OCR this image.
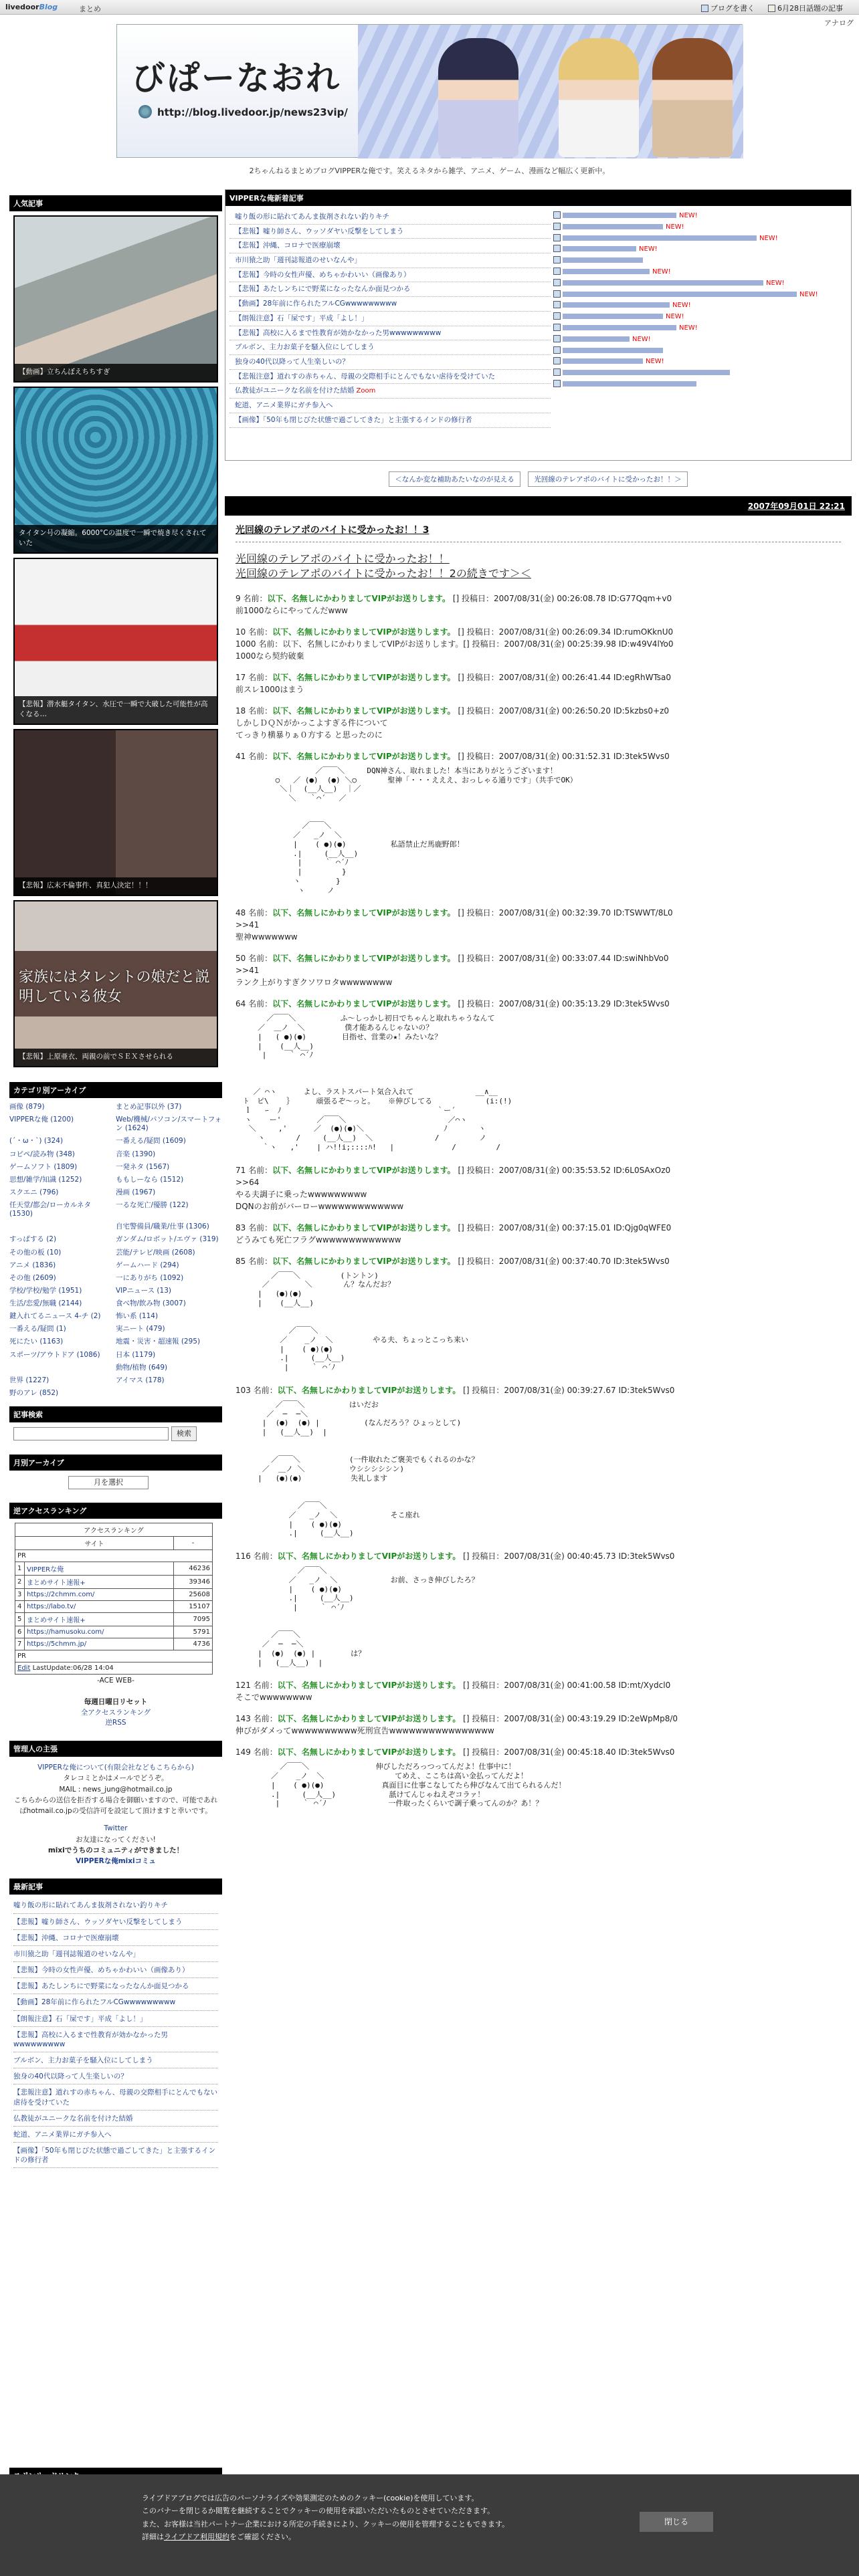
livedoorBlog	まとめ	ブログを書く	6月28日話題の記事
アナログ
びぱーなおれ
http://blog.livedoor.jp/news23vip/
2ちゃんねるまとめブログVIPPERな俺です。笑えるネタから雑学、アニメ、ゲーム、漫画など幅広く更新中。
人気記事
【動画】立ちんぼえちちすぎ
タイタン号の凝縮。6000°Cの温度で一瞬で焼き尽くされていた
【悲報】潜水艇タイタン、水圧で一瞬で大破した可能性が高くなる…
【悲報】広末不倫事件、真犯人決定！！！
家族にはタレントの娘だと説明している彼女
【悲報】上原亜衣、両親の前でＳＥＸさせられる
カテゴリ別アーカイブ
画像 (879)	まとめ記事以外 (37)
VIPPERな俺 (1200)	Web/機械/パソコン/スマートフォン (1624)
(´・ω・`) (324)	一番える/疑問 (1609)
コピペ/読み物 (348)	音楽 (1390)
ゲームソフト (1809)	一発ネタ (1567)
思想/雑学/知識 (1252)	ももしーなら (1512)
スクエニ (796)	漫画 (1967)
任天堂/都会/ローカルネタ (1530)
一るな死亡/優勝 (122)
自宅警備員/職業/仕事 (1306)
すっぱする (2)	ガンダム/ロボット/エヴァ (319)
その他の板 (10)	芸能/テレビ/映画 (2608)
アニメ (1836)	ゲームハード (294)
その他 (2609)	一にありがち (1092)
学校/学校/勉学 (1951)	VIPニュース (13)
生活/恋愛/無職 (2144)	食べ物/飲み物 (3007)
鍵入れてるニュース 4-チ (2)	怖い系 (114)
一番える/疑問 (1)	実ニート (479)
死にたい (1163)	地震・災害・超速報 (295)
スポーツ/アウトドア (1086)	日本 (1179)
動物/植物 (649)
世界 (1227)	アイマス (178)
野のアレ (852)
記事検索
検索
月別アーカイブ
月を選択
逆アクセスランキング
アクセスランキング		
サイト		-
PR		
1	VIPPERな俺	46236
2	まとめサイト速報+	39346
3	https://2chmm.com/	25608
4	https://labo.tv/	15107
5	まとめサイト速報+	7095
6	https://hamusoku.com/	5791
7	https://5chmm.jp/	4736
PR		
Edit LastUpdate:06/28 14:04		
-ACE WEB-
毎週日曜日リセット
全アクセスランキング
逆RSS
管理人の主張
VIPPERな俺について(有限会社などもこちらから)
タレコミとかはメールでどうぞ。
MAIL : news_jung@hotmail.co.jp
こちらからの送信を拒否する場合を御願いますので、可能であればhotmail.co.jpの受信許可を設定して頂けますと幸いです。
Twitter
お友達になってください!
mixiでうちのコミュニティができました！
VIPPERな俺mixiコミュ
最新記事
嘘り飯の形に貼れてあんま抜剤されない釣りキチ
【悲報】嘘り師さん、ウッソダヤい反撃をしてしまう
【悲報】沖縄、コロナで医療崩壊
市川猿之助「週刊誌報道のせいなんや」
【悲報】今時の女性声優、めちゃかわいい（画像あり）
【悲報】あたしンちにで野菜になったなんか面見つかる
【動画】28年前に作られたフルCGwwwwwwwww
【朗報注意】石「屎です」平成「よし！」
【悲報】高校に入るまで性教育が効かなかった男wwwwwwwww
ブルボン、主力お菓子を騒入位にしてしまう
独身の40代以降って人生楽しいの？
【悲報注意】道れすの赤ちゃん、母親の交際相手にとんでもない虐待を受けていた
仏教徒がユニークな名前を付けた結婚
蛇道、アニメ業界にガチ参入へ
【画像】「50年も閉じびた状態で過ごしてきた」と主張するインドの修行者
VIPPERな俺新着記事
嘘り飯の形に貼れてあんま抜剤されない釣りキチ
【悲報】嘘り師さん、ウッソダヤい反撃をしてしまう
【悲報】沖縄、コロナで医療崩壊
市川猿之助「週刊誌報道のせいなんや」
【悲報】今時の女性声優、めちゃかわいい（画像あり）
【悲報】あたしンちにで野菜になったなんか面見つかる
【動画】28年前に作られたフルCGwwwwwwwww
【朗報注意】石「屎です」平成「よし！」
【悲報】高校に入るまで性教育が効かなかった男wwwwwwwww
ブルボン、主力お菓子を騒入位にしてしまう
独身の40代以降って人生楽しいの？
【悲報注意】道れすの赤ちゃん、母親の交際相手にとんでもない虐待を受けていた
仏教徒がユニークな名前を付けた結婚 Zoom
蛇道、アニメ業界にガチ参入へ
【画像】「50年も閉じびた状態で過ごしてきた」と主張するインドの修行者
NEW!
NEW!
NEW!
NEW!
NEW!
NEW!
NEW!
NEW!
NEW!
NEW!
NEW!
NEW!
＜なんか変な補助あたいなのが見える	光回線のテレアポのバイトに受かったお！！＞
2007年09月01日 22:21
光回線のテレアポのバイトに受かったお！！3
光回線のテレアポのバイトに受かったお！！
光回線のテレアポのバイトに受かったお！！2の続きです＞＜
9 名前：以下、名無しにかわりましてVIPがお送りします。 [] 投稿日：2007/08/31(金) 00:26:08.78 ID:G77Qqm+v0
前1000ならにやってんだwww
10 名前：以下、名無しにかわりましてVIPがお送りします。 [] 投稿日：2007/08/31(金) 00:26:09.34 ID:rumOKknU0
1000 名前：以下、名無しにかわりましてVIPがお送りします。[] 投稿日：2007/08/31(金) 00:25:39.98 ID:w49V4lYo0
1000なら契約破棄
17 名前：以下、名無しにかわりましてVIPがお送りします。 [] 投稿日：2007/08/31(金) 00:26:41.44 ID:egRhWTsa0
前スレ1000はまう
18 名前：以下、名無しにかわりましてVIPがお送りします。 [] 投稿日：2007/08/31(金) 00:26:50.20 ID:5kzbs0+z0
しかしＤＱＮがかっこよすぎる件について
てっきり横暴りぁ０方する と思ったのに
41 名前：以下、名無しにかわりましてVIPがお送りします。 [] 投稿日：2007/08/31(金) 00:31:52.31 ID:3tek5Wvs0
／￣￣＼     DQN神さん、取れました！本当にありがとうございます！
○   ／ (●)  (●) ＼○       聖神「・・・えええ、おっしゃる通りです」（共手でOK）
＼｜  (__人__)  ｜／
＼   ｀⌒´   ／

／￣￣＼
／   _ノ  ＼
|    ( ●)(●)          私語禁止だ馬鹿野郎！
.|     (__人__)
|     ｀ ⌒´ﾉ
|         }
ヽ        }
ヽ     ノ
48 名前：以下、名無しにかわりましてVIPがお送りします。 [] 投稿日：2007/08/31(金) 00:32:39.70 ID:TSWWT/8L0
>>41
聖神wwwwwww
50 名前：以下、名無しにかわりましてVIPがお送りします。 [] 投稿日：2007/08/31(金) 00:33:07.44 ID:swiNhbVo0
>>41
ランク上がりすぎクソワロタwwwwwwww
64 名前：以下、名無しにかわりましてVIPがお送りします。 [] 投稿日：2007/08/31(金) 00:35:13.29 ID:3tek5Wvs0
／￣￣＼          ふ〜しっかし初日でちゃんと取れちゃうなんて
／  ＿ノ  ＼         僕才能あるんじゃないの？
|   ( ●)(●)        目指せ、営業の★！みたいな？
|    (__人__)
|     ｀ ⌒´ﾉ

／ ⌒ヽ      よし、ラストスパート気合入れて              __∧__
ﾄ  ピ\    ｝     頑張るぞ〜っと。   ※伸びしてる            (i:(!)
ｌ   ｰ  ﾉ                                   ｀ー´
ヽ    ー'        ／￣￣＼                       ／⌒ヽ
＼     ,'      ／  (●)(●)＼                  ﾉ       ヽ
ヽ       /     (__人__)  ＼              /         ノ
｀ヽ   ,'    | ハ!!i;::::ﾊ!   |             /         /
71 名前：以下、名無しにかわりましてVIPがお送りします。 [] 投稿日：2007/08/31(金) 00:35:53.52 ID:6L0SAxOz0
>>64
やる夫調子に乗ったwwwwwwwww
DQNのお前がバーローwwwwwwwwwwwww
83 名前：以下、名無しにかわりましてVIPがお送りします。 [] 投稿日：2007/08/31(金) 00:37:15.01 ID:Qjg0qWFE0
どうみても死亡フラグwwwwwwwwwwwww
85 名前：以下、名無しにかわりましてVIPがお送りします。 [] 投稿日：2007/08/31(金) 00:37:40.70 ID:3tek5Wvs0
／￣￣＼         (トントン)
／        ＼       ん？なんだお？
|   (●)(●)
|    (__人__)

／￣￣＼
／    _ノ  ＼         やる夫、ちょっとこっち来い
|    ( ●)(●)
.|     (__人__)
|     ｀ ⌒´ﾉ
103 名前：以下、名無しにかわりましてVIPがお送りします。 [] 投稿日：2007/08/31(金) 00:39:27.67 ID:3tek5Wvs0
／￣￣＼          はいだお
／  ─  ─＼
|  (●)  (●) |          (なんだろう？ひょっとして)
|   (__人__)  |

／￣￣＼           (一件取れたご褒美でもくれるのかな？
／  ＿ノ ＼          ウシシシシシン)
|   (●)(●)           失礼します

／￣￣＼
／   _ノ  ＼            そこ座れ
|    ( ●)(●)
.|     (__人__)
116 名前：以下、名無しにかわりましてVIPがお送りします。 [] 投稿日：2007/08/31(金) 00:40:45.73 ID:3tek5Wvs0
／￣￣＼
／   _ノ  ＼            お前、さっき伸びしたろ？
|    ( ●)(●)
.|     (__人__)
|     ｀ ⌒´ﾉ

／￣￣＼
／  ─  ─＼
|  (●)  (●) |        は？
|   (__人__)  |
121 名前：以下、名無しにかわりましてVIPがお送りします。 [] 投稿日：2007/08/31(金) 00:41:00.58 ID:mt/Xydcl0
そこでwwwwwwww
143 名前：以下、名無しにかわりましてVIPがお送りします。 [] 投稿日：2007/08/31(金) 00:43:19.29 ID:2eWpMp8/0
伸びがダメってwwwwwwwwww死刑宣告wwwwwwwwwwwwwwww
149 名前：以下、名無しにかわりましてVIPがお送りします。 [] 投稿日：2007/08/31(金) 00:45:18.40 ID:3tek5Wvs0
／￣￣＼               伸びしただろっつってんだよ！仕事中に！
／    _ノ  ＼                てめえ、ここちは高い金払ってんだよ！
|    ( ●)(●)             真面目に仕事こなしてたら伸びなんて出てられるんだ！
.|     (__人__)            舐けてんじゃねえぞコラァ！
|     ｀ ⌒´ﾉ              一件取ったくらいで調子乗ってんのか？あ！？
ライブドアブログでは広告のパーソナライズや効果測定のためのクッキー(cookie)を使用しています。
このバナーを閉じるか閲覧を継続することでクッキーの使用を承認いただいたものとさせていただきます。
また、お客様は当社パートナー企業における所定の手続きにより、クッキーの使用を管理することもできます。
詳細はライブドア利用規約をご確認ください。
閉じる
